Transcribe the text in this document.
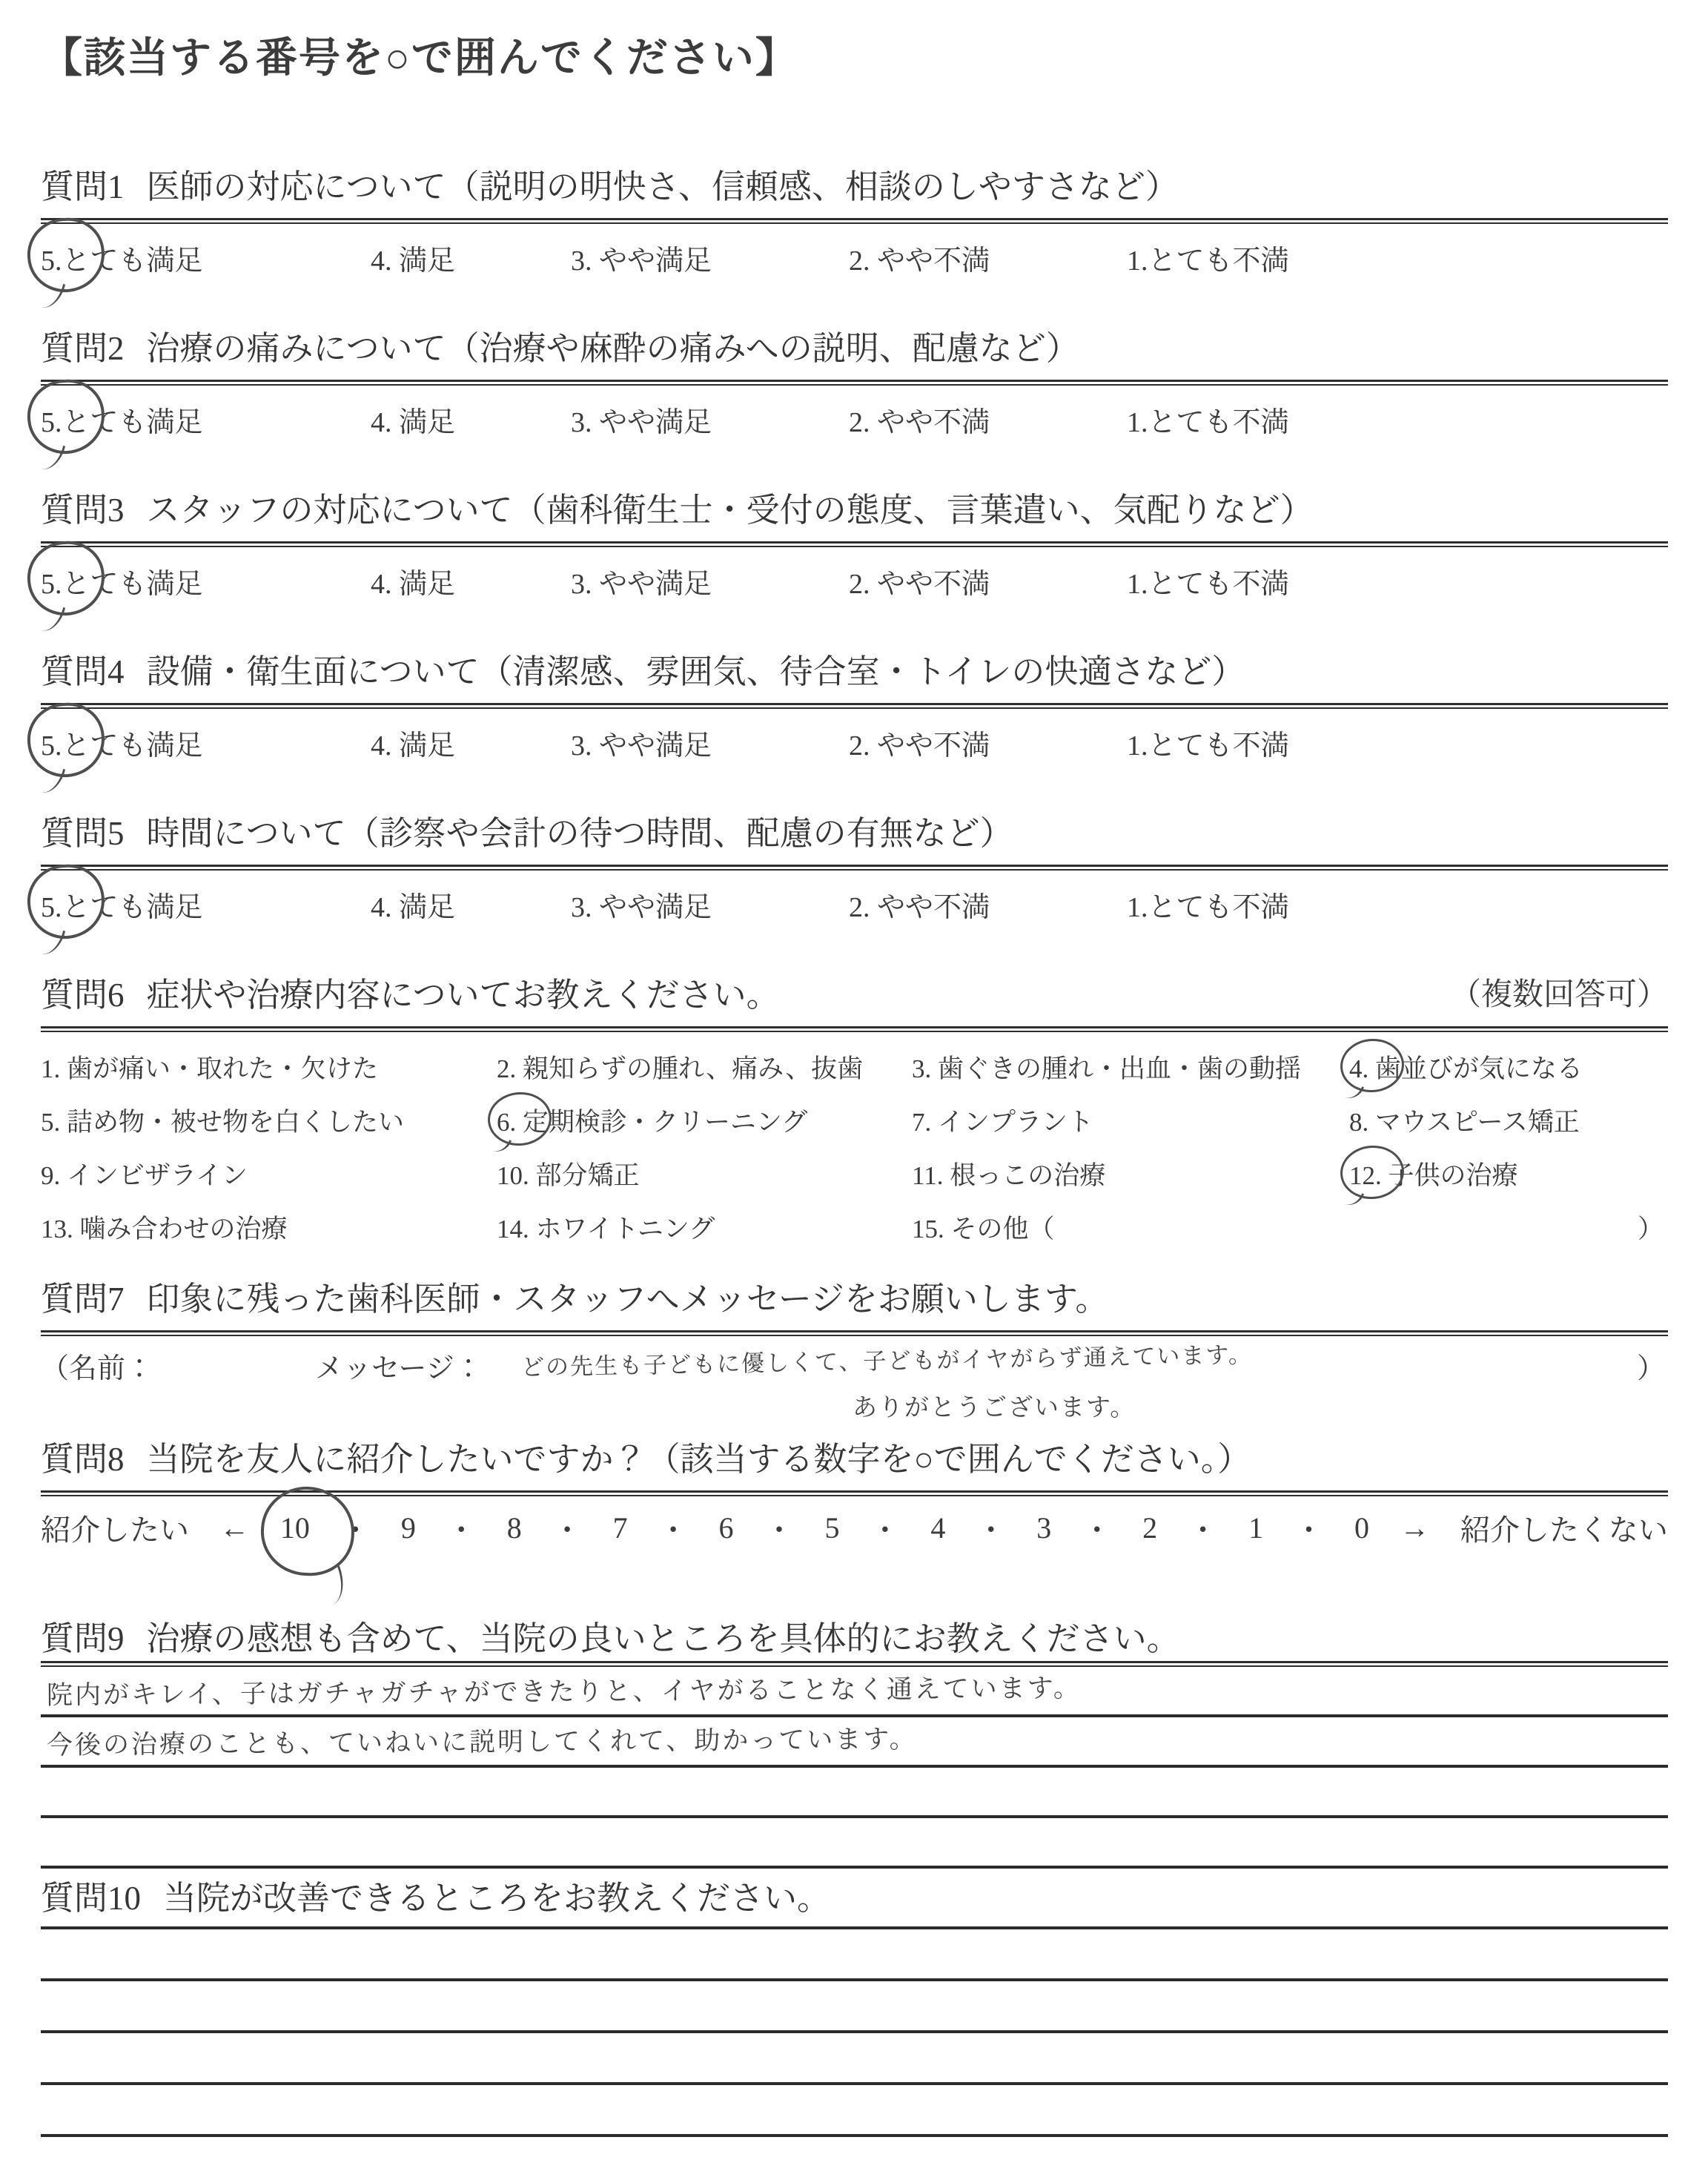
【該当する番号を○で囲んでください】
質問1 医師の対応について（説明の明快さ、信頼感、相談のしやすさなど）
5.とても満足	4. 満足	3. やや満足	2. やや不満	1.とても不満
質問2 治療の痛みについて（治療や麻酔の痛みへの説明、配慮など）
5.とても満足	4. 満足	3. やや満足	2. やや不満	1.とても不満
質問3 スタッフの対応について（歯科衛生士・受付の態度、言葉遣い、気配りなど）
5.とても満足	4. 満足	3. やや満足	2. やや不満	1.とても不満
質問4 設備・衛生面について（清潔感、雰囲気、待合室・トイレの快適さなど）
5.とても満足	4. 満足	3. やや満足	2. やや不満	1.とても不満
質問5 時間について（診察や会計の待つ時間、配慮の有無など）
5.とても満足	4. 満足	3. やや満足	2. やや不満	1.とても不満
質問6 症状や治療内容についてお教えください。	（複数回答可）
1. 歯が痛い・取れた・欠けた	2. 親知らずの腫れ、痛み、抜歯 3. 歯ぐきの腫れ・出血・歯の動揺 4. 歯並びが気になる
5. 詰め物・被せ物を白くしたい	6. 定期検診・クリーニング	7. インプラント	8. マウスピース矯正
9. インビザライン	10. 部分矯正	11. 根っこの治療	12. 子供の治療
13. 噛み合わせの治療	14. ホワイトニング	15. その他（	）
質問7 印象に残った歯科医師・スタッフへメッセージをお願いします。
（名前：	メッセージ： どの先生も子どもに優しくて、子どもがイヤがらず通えています。	）
ありがとうございます。
質問8 当院を友人に紹介したいですか？（該当する数字を○で囲んでください。）
紹介したい ← 10 ・ 9 ・ 8 ・ 7 ・ 6 ・ 5 ・ 4 ・ 3 ・ 2 ・ 1 ・ 0 → 紹介したくない
質問9 治療の感想も含めて、当院の良いところを具体的にお教えください。
院内がキレイ、子はガチャガチャができたりと、イヤがることなく通えています。
今後の治療のことも、ていねいに説明してくれて、助かっています。
質問10 当院が改善できるところをお教えください。
